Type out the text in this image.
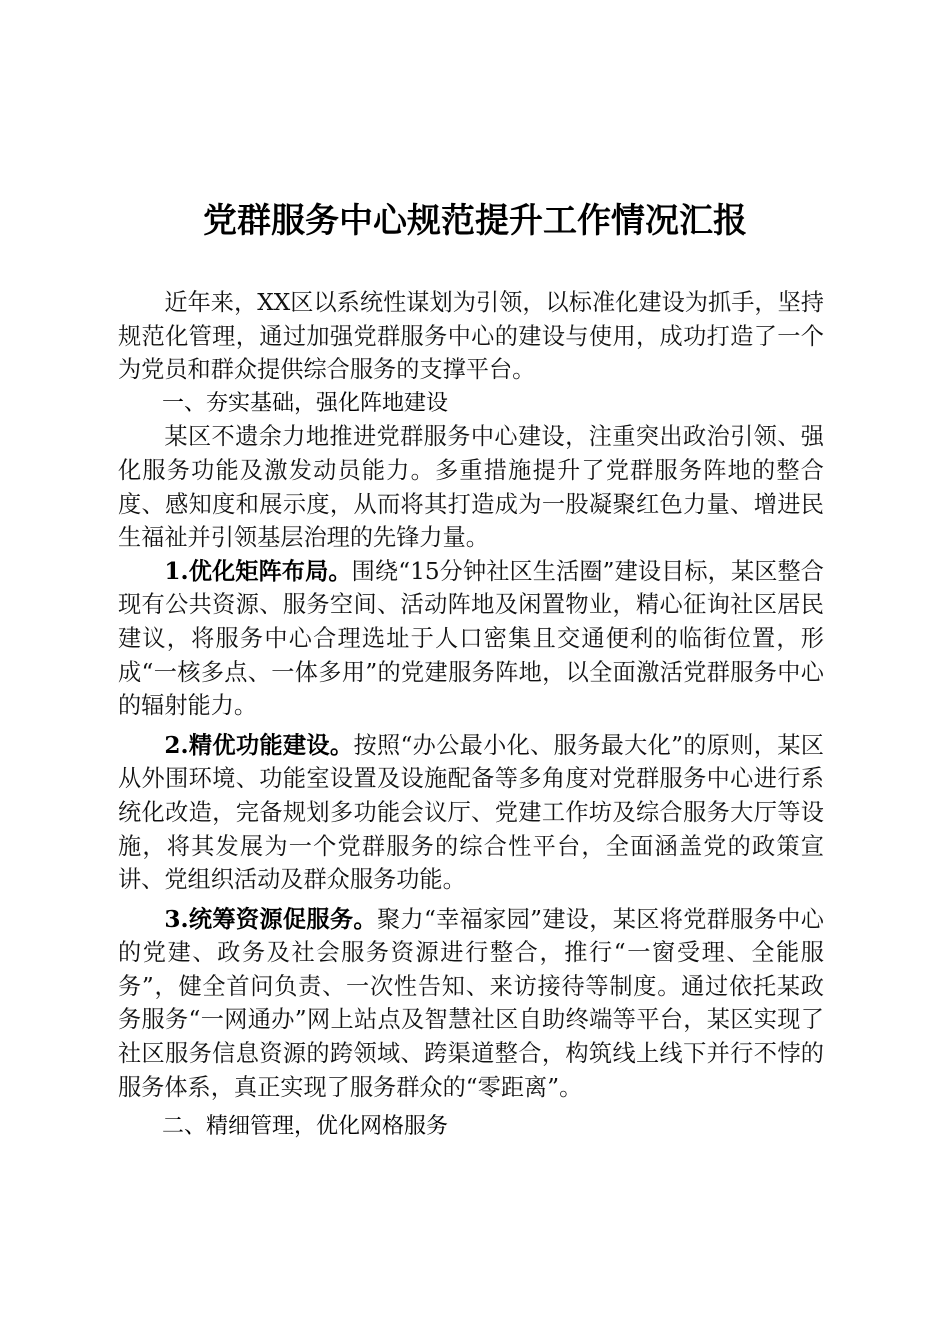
党群服务中心规范提升工作情况汇报

近年来，XX区以系统性谋划为引领，以标准化建设为抓手，坚持规范化管理，通过加强党群服务中心的建设与使用，成功打造了一个为党员和群众提供综合服务的支撑平台。

一、夯实基础，强化阵地建设

某区不遗余力地推进党群服务中心建设，注重突出政治引领、强化服务功能及激发动员能力。多重措施提升了党群服务阵地的整合度、感知度和展示度，从而将其打造成为一股凝聚红色力量、增进民生福祉并引领基层治理的先锋力量。

1.优化矩阵布局。围绕“15分钟社区生活圈”建设目标，某区整合现有公共资源、服务空间、活动阵地及闲置物业，精心征询社区居民建议，将服务中心合理选址于人口密集且交通便利的临街位置，形成“一核多点、一体多用”的党建服务阵地，以全面激活党群服务中心的辐射能力。

2.精优功能建设。按照“办公最小化、服务最大化”的原则，某区从外围环境、功能室设置及设施配备等多角度对党群服务中心进行系统化改造，完备规划多功能会议厅、党建工作坊及综合服务大厅等设施，将其发展为一个党群服务的综合性平台，全面涵盖党的政策宣讲、党组织活动及群众服务功能。

3.统筹资源促服务。聚力“幸福家园”建设，某区将党群服务中心的党建、政务及社会服务资源进行整合，推行“一窗受理、全能服务”，健全首问负责、一次性告知、来访接待等制度。通过依托某政务服务“一网通办”网上站点及智慧社区自助终端等平台，某区实现了社区服务信息资源的跨领域、跨渠道整合，构筑线上线下并行不悖的服务体系，真正实现了服务群众的“零距离”。

二、精细管理，优化网格服务
